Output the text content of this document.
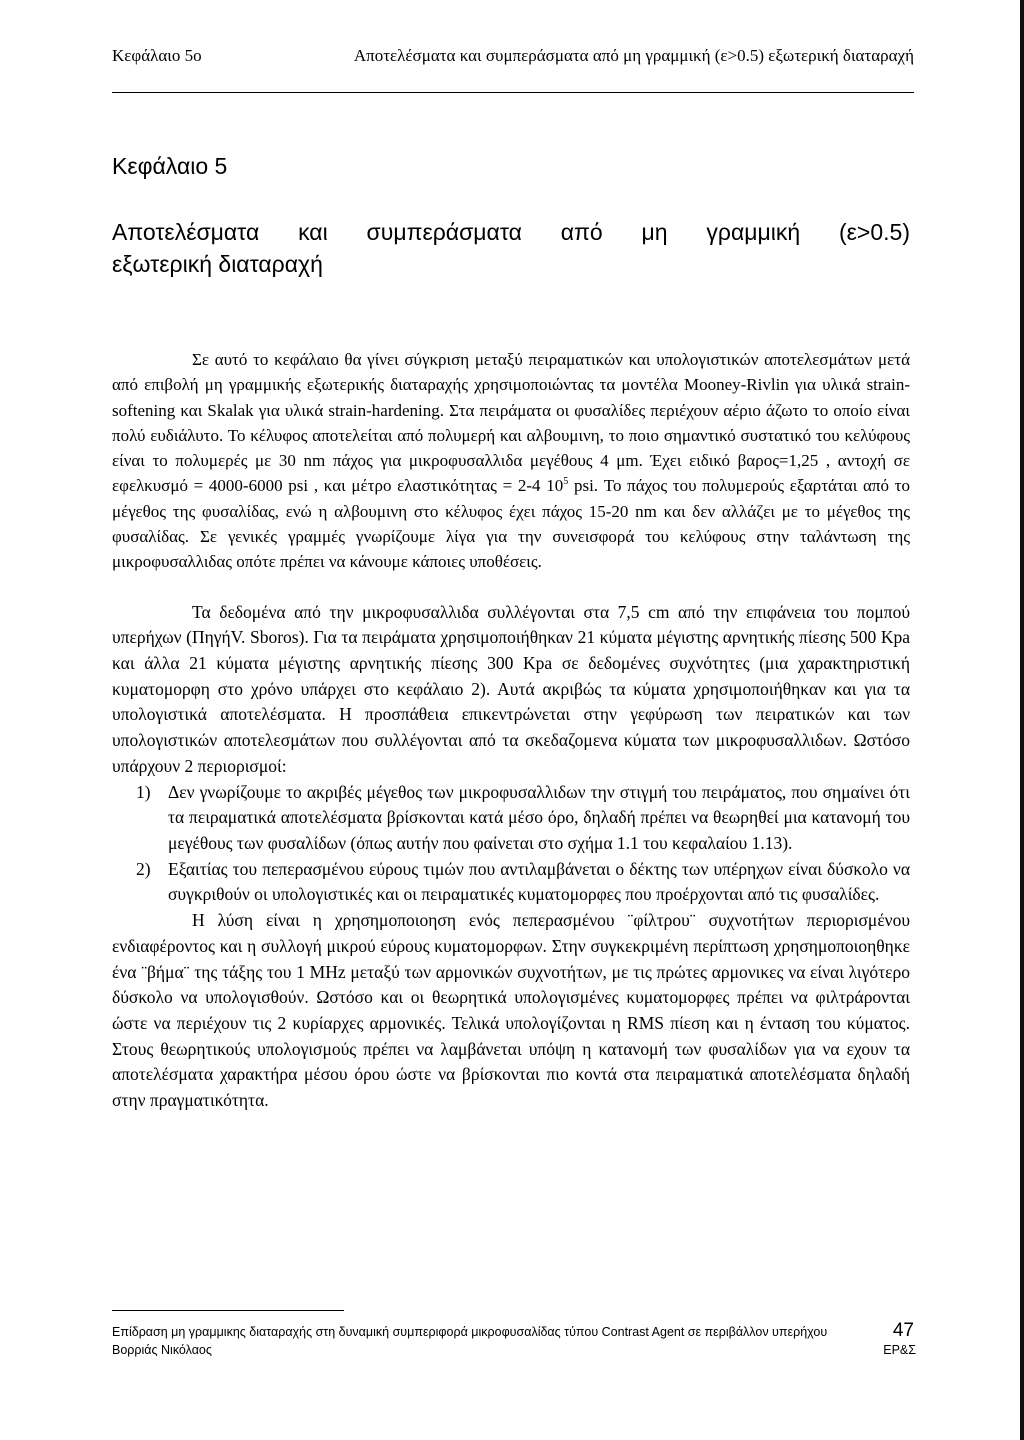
Κεφάλαιο 5ο	Αποτελέσματα και συμπεράσματα από μη γραμμική (ε>0.5) εξωτερική διαταραχή
Κεφάλαιο 5
Αποτελέσματα και συμπεράσματα από μη γραμμική (ε>0.5)
εξωτερική διαταραχή

Σε αυτό το κεφάλαιο θα γίνει σύγκριση μεταξύ πειραματικών και υπολογιστικών αποτελεσμάτων μετά από επιβολή μη γραμμικής εξωτερικής διαταραχής χρησιμοποιώντας τα μοντέλα Mooney-Rivlin για υλικά strain- softening και Skalak για υλικά strain-hardening. Στα πειράματα οι φυσαλίδες περιέχουν αέριο άζωτο το οποίο είναι πολύ ευδιάλυτο. Το κέλυφος αποτελείται από πολυμερή και αλβουμινη, το ποιο σημαντικό συστατικό του κελύφους είναι το πολυμερές με 30 nm πάχος για μικροφυσαλλιδα μεγέθους 4 μm. Έχει ειδικό βαρος=1,25 , αντοχή σε εφελκυσμό = 4000-6000 psi , και μέτρο ελαστικότητας = 2-4 $10^5$ psi. Το πάχος του πολυμερούς εξαρτάται από το μέγεθος της φυσαλίδας, ενώ η αλβουμινη στο κέλυφος έχει πάχος 15-20 nm και δεν αλλάζει με το μέγεθος της φυσαλίδας. Σε γενικές γραμμές γνωρίζουμε λίγα για την συνεισφορά του κελύφους στην ταλάντωση της μικροφυσαλλιδας οπότε πρέπει να κάνουμε κάποιες υποθέσεις.

Τα δεδομένα από την μικροφυσαλλιδα συλλέγονται στα 7,5 cm από την επιφάνεια του πομπού υπερήχων (ΠηγήV. Sboros). Για τα πειράματα χρησιμοποιήθηκαν 21 κύματα μέγιστης αρνητικής πίεσης 500 Kpa και άλλα 21 κύματα μέγιστης αρνητικής πίεσης 300 Kpa σε δεδομένες συχνότητες (μια χαρακτηριστική κυματομορφη στο χρόνο υπάρχει στο κεφάλαιο 2). Αυτά ακριβώς τα κύματα χρησιμοποιήθηκαν και για τα υπολογιστικά αποτελέσματα. Η προσπάθεια επικεντρώνεται στην γεφύρωση των πειρατικών και των υπολογιστικών αποτελεσμάτων που συλλέγονται από τα σκεδαζομενα κύματα των μικροφυσαλλιδων. Ωστόσο υπάρχουν 2 περιορισμοί:

1) Δεν γνωρίζουμε το ακριβές μέγεθος των μικροφυσαλλιδων την στιγμή του πειράματος, που σημαίνει ότι τα πειραματικά αποτελέσματα βρίσκονται κατά μέσο όρο, δηλαδή πρέπει να θεωρηθεί μια κατανομή του μεγέθους των φυσαλίδων (όπως αυτήν που φαίνεται στο σχήμα 1.1 του κεφαλαίου 1.13).
2) Εξαιτίας του πεπερασμένου εύρους τιμών που αντιλαμβάνεται ο δέκτης των υπέρηχων είναι δύσκολο να συγκριθούν οι υπολογιστικές και οι πειραματικές κυματομορφες που προέρχονται από τις φυσαλίδες.

Η λύση είναι η χρησημοποιοηση ενός πεπερασμένου ¨φίλτρου¨ συχνοτήτων περιορισμένου ενδιαφέροντος και η συλλογή μικρού εύρους κυματομορφων. Στην συγκεκριμένη περίπτωση χρησημοποιοηθηκε ένα ¨βήμα¨ της τάξης του 1 MHz μεταξύ των αρμονικών συχνοτήτων, με τις πρώτες αρμονικες να είναι λιγότερο δύσκολο να υπολογισθούν. Ωστόσο και οι θεωρητικά υπολογισμένες κυματομορφες πρέπει να φιλτράρονται ώστε να περιέχουν τις 2 κυρίαρχες αρμονικές. Τελικά υπολογίζονται η RMS πίεση και η ένταση του κύματος. Στους θεωρητικούς υπολογισμούς πρέπει να λαμβάνεται υπόψη η κατανομή των φυσαλίδων για να εχουν τα αποτελέσματα χαρακτήρα μέσου όρου ώστε να βρίσκονται πιο κοντά στα πειραματικά αποτελέσματα δηλαδή στην πραγματικότητα.

Επίδραση μη γραμμικης διαταραχής στη δυναμική συμπεριφορά μικροφυσαλίδας τύπου Contrast Agent σε περιβάλλον υπερήχου
Βορριάς Νικόλαος	ΕΡ&Σ
47
